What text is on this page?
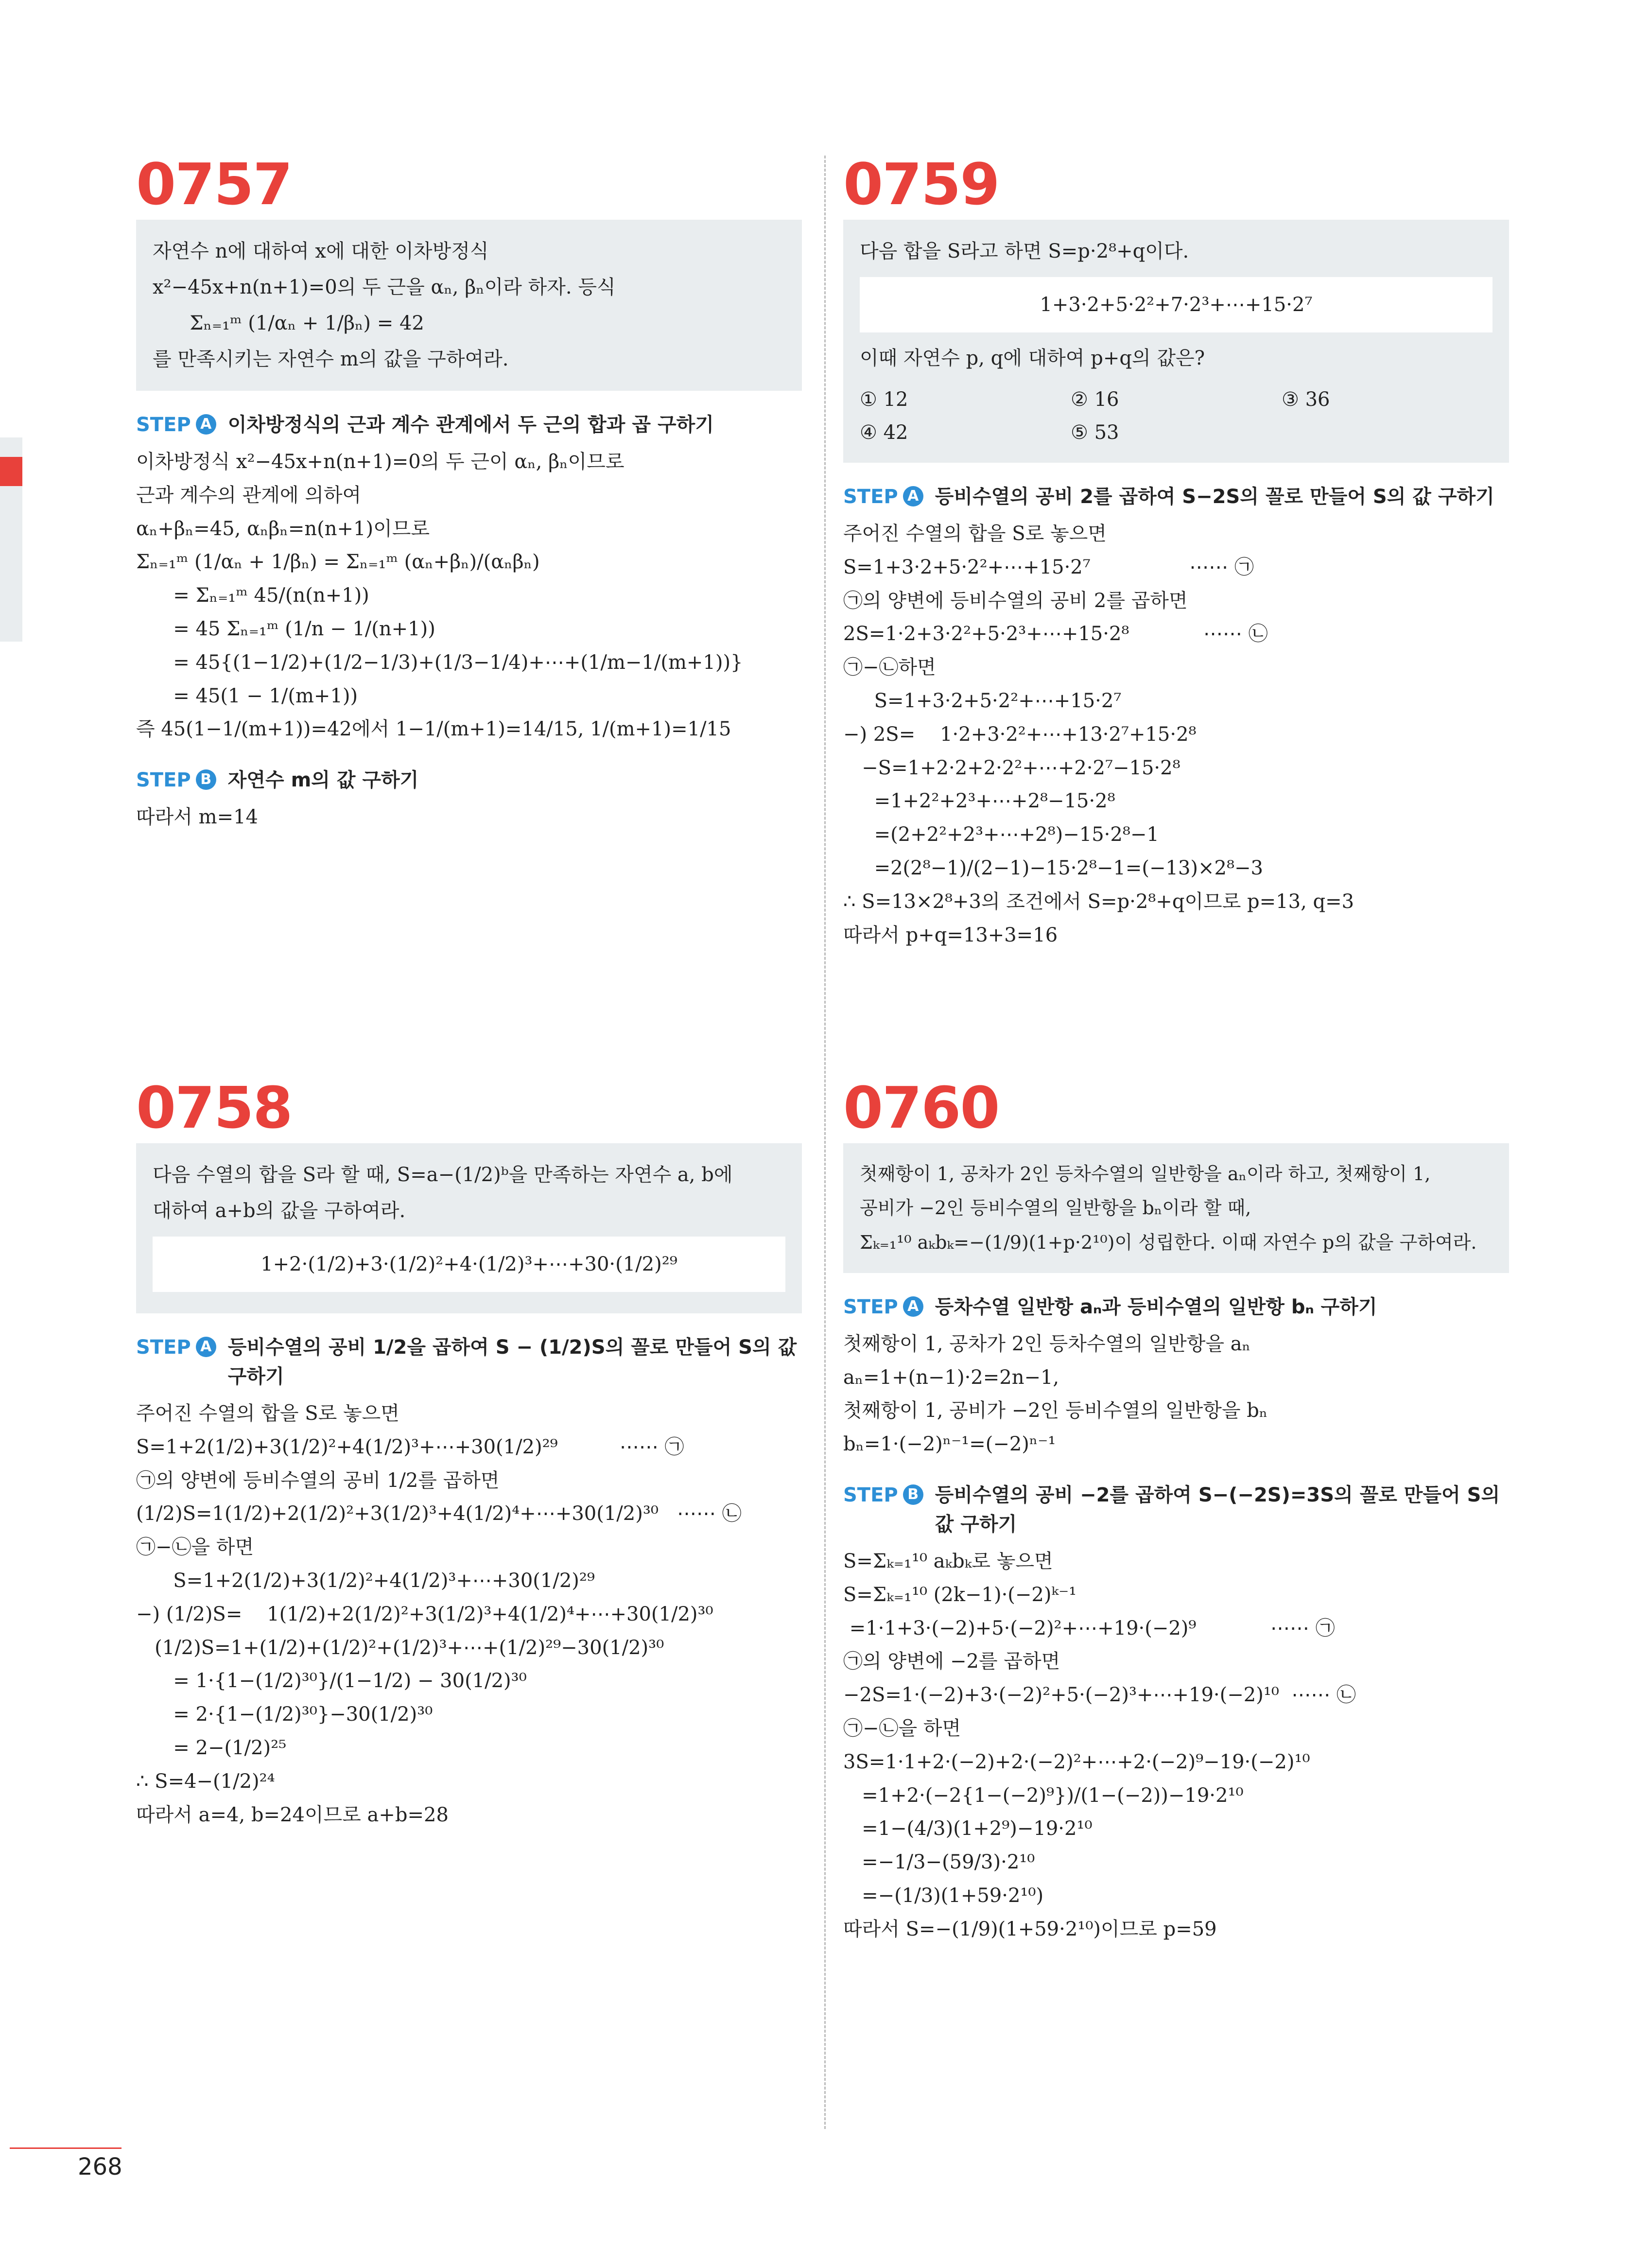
0757
자연수 n에 대하여 x에 대한 이차방정식
x²−45x+n(n+1)=0의 두 근을 αₙ, βₙ이라 하자. 등식
Σₙ₌₁ᵐ (1/αₙ + 1/βₙ) = 42
를 만족시키는 자연수 m의 값을 구하여라.
STEP A 이차방정식의 근과 계수 관계에서 두 근의 합과 곱 구하기
이차방정식 x²−45x+n(n+1)=0의 두 근이 αₙ, βₙ이므로
근과 계수의 관계에 의하여
αₙ+βₙ=45, αₙβₙ=n(n+1)이므로
Σₙ₌₁ᵐ (1/αₙ + 1/βₙ) = Σₙ₌₁ᵐ (αₙ+βₙ)/(αₙβₙ)
= Σₙ₌₁ᵐ 45/(n(n+1))
= 45 Σₙ₌₁ᵐ (1/n − 1/(n+1))
= 45{(1−1/2)+(1/2−1/3)+(1/3−1/4)+⋯+(1/m−1/(m+1))}
= 45(1 − 1/(m+1))
즉 45(1−1/(m+1))=42에서 1−1/(m+1)=14/15, 1/(m+1)=1/15
STEP B 자연수 m의 값 구하기
따라서 m=14
0758
다음 수열의 합을 S라 할 때, S=a−(1/2)ᵇ을 만족하는 자연수 a, b에
대하여 a+b의 값을 구하여라.
1+2·(1/2)+3·(1/2)²+4·(1/2)³+⋯+30·(1/2)²⁹
STEP A 등비수열의 공비 1/2을 곱하여 S − (1/2)S의 꼴로 만들어 S의 값 구하기
주어진 수열의 합을 S로 놓으면
S=1+2(1/2)+3(1/2)²+4(1/2)³+⋯+30(1/2)²⁹          ⋯⋯ ㉠
㉠의 양변에 등비수열의 공비 1/2를 곱하면
(1/2)S=1(1/2)+2(1/2)²+3(1/2)³+4(1/2)⁴+⋯+30(1/2)³⁰   ⋯⋯ ㉡
㉠−㉡을 하면
S=1+2(1/2)+3(1/2)²+4(1/2)³+⋯+30(1/2)²⁹
−) (1/2)S=    1(1/2)+2(1/2)²+3(1/2)³+4(1/2)⁴+⋯+30(1/2)³⁰
(1/2)S=1+(1/2)+(1/2)²+(1/2)³+⋯+(1/2)²⁹−30(1/2)³⁰
= 1·{1−(1/2)³⁰}/(1−1/2) − 30(1/2)³⁰
= 2·{1−(1/2)³⁰}−30(1/2)³⁰
= 2−(1/2)²⁵
∴ S=4−(1/2)²⁴
따라서 a=4, b=24이므로 a+b=28
0759
다음 합을 S라고 하면 S=p·2⁸+q이다.
1+3·2+5·2²+7·2³+⋯+15·2⁷
이때 자연수 p, q에 대하여 p+q의 값은?
① 12	② 16	③ 36
④ 42	⑤ 53
STEP A 등비수열의 공비 2를 곱하여 S−2S의 꼴로 만들어 S의 값 구하기
주어진 수열의 합을 S로 놓으면
S=1+3·2+5·2²+⋯+15·2⁷                ⋯⋯ ㉠
㉠의 양변에 등비수열의 공비 2를 곱하면
2S=1·2+3·2²+5·2³+⋯+15·2⁸            ⋯⋯ ㉡
㉠−㉡하면
S=1+3·2+5·2²+⋯+15·2⁷
−) 2S=    1·2+3·2²+⋯+13·2⁷+15·2⁸
−S=1+2·2+2·2²+⋯+2·2⁷−15·2⁸
=1+2²+2³+⋯+2⁸−15·2⁸
=(2+2²+2³+⋯+2⁸)−15·2⁸−1
=2(2⁸−1)/(2−1)−15·2⁸−1=(−13)×2⁸−3
∴ S=13×2⁸+3의 조건에서 S=p·2⁸+q이므로 p=13, q=3
따라서 p+q=13+3=16
0760
첫째항이 1, 공차가 2인 등차수열의 일반항을 aₙ이라 하고, 첫째항이 1,
공비가 −2인 등비수열의 일반항을 bₙ이라 할 때,
Σₖ₌₁¹⁰ aₖbₖ=−(1/9)(1+p·2¹⁰)이 성립한다. 이때 자연수 p의 값을 구하여라.
STEP A 등차수열 일반항 aₙ과 등비수열의 일반항 bₙ 구하기
첫째항이 1, 공차가 2인 등차수열의 일반항을 aₙ
aₙ=1+(n−1)·2=2n−1,
첫째항이 1, 공비가 −2인 등비수열의 일반항을 bₙ
bₙ=1·(−2)ⁿ⁻¹=(−2)ⁿ⁻¹
STEP B 등비수열의 공비 −2를 곱하여 S−(−2S)=3S의 꼴로 만들어 S의 값 구하기
S=Σₖ₌₁¹⁰ aₖbₖ로 놓으면
S=Σₖ₌₁¹⁰ (2k−1)·(−2)ᵏ⁻¹
=1·1+3·(−2)+5·(−2)²+⋯+19·(−2)⁹            ⋯⋯ ㉠
㉠의 양변에 −2를 곱하면
−2S=1·(−2)+3·(−2)²+5·(−2)³+⋯+19·(−2)¹⁰  ⋯⋯ ㉡
㉠−㉡을 하면
3S=1·1+2·(−2)+2·(−2)²+⋯+2·(−2)⁹−19·(−2)¹⁰
=1+2·(−2{1−(−2)⁹})/(1−(−2))−19·2¹⁰
=1−(4/3)(1+2⁹)−19·2¹⁰
=−1/3−(59/3)·2¹⁰
=−(1/3)(1+59·2¹⁰)
따라서 S=−(1/9)(1+59·2¹⁰)이므로 p=59
268
